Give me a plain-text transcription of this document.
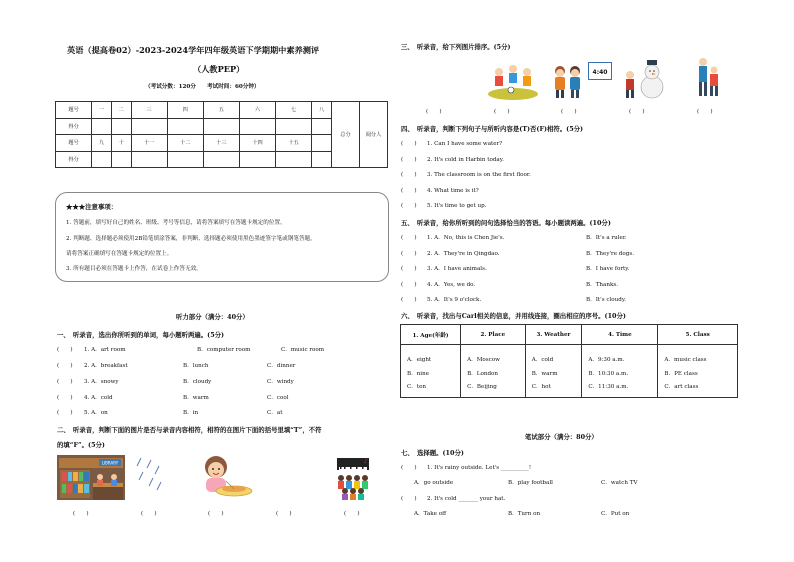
英语（提高卷02）-2023-2024学年四年级英语下学期期中素养测评
（人教PEP）
（考试分数：120分　　考试时间：60分钟）
题号	一	二	三	四	五	六	七	八	总分	阅分人
得分										
题号	九	十	十一	十二	十三	十四	十五			
得分										
★★★注意事项：
1. 答题前，填写好自己的姓名、班级、考号等信息，请将答案填写在答题卡规定的位置。
2. 判断题、选择题必须使用2B铅笔填涂答案，非判断、选择题必须使用黑色墨迹签字笔或钢笔答题，
请将答案正确填写在答题卡规定的位置上。
3. 所有题目必须在答题卡上作答，在试卷上作答无效。
听力部分（满分：40分）
一、　听录音，选出你所听到的单词，每小题听两遍。(5分)
(　　) 1. A．art room	B．computer room	C．music room
(　　) 2. A．breakfast	B．lunch	C．dinner
(　　) 3. A．snowy	B．cloudy	C．windy
(　　) 4. A．cold	B．warm	C．cool
(　　) 5. A．on	B．in	C．at
二、　听录音，判断下面的图片是否与录音内容相符，相符的在图片下面的括号里填“T”，不符
的填“F”。(5分)
LIBRARY	♪
(　　)	(　　)	(　　)	(　　)	(　　)
三、　听录音，给下列图片排序。(5分)
4:40
(　　)	(　　)	(　　)	(　　)	(　　)
四、　听录音，判断下列句子与所听内容是(T)否(F)相符。(5分)
(　　) 1. Can I have some water?
(　　) 2. It's cold in Harbin today.
(　　) 3. The classroom is on the first floor.
(　　) 4. What time is it?
(　　) 5. It's time to get up.
五、　听录音，给你所听到的问句选择恰当的答语。每小题读两遍。(10分)
(　　) 1. A．No, this is Chen Jie's.	B．It's a ruler.
(　　) 2. A．They're in Qingdao.	B．They're dogs.
(　　) 3. A．I have animals.	B．I have forty.
(　　) 4. A．Yes, we do.	B．Thanks.
(　　) 5. A．It's 9 o'clock.	B．It's cloudy.
六、　听录音，找出与Carl相关的信息，并用线连接，圈出相应的序号。(10分)
1. Age(年龄)	2. Place	3. Weather	4. Time	5. Class
A．eight	A．Moscow	A．cold	A．9:30 a.m.	A．music class
B．nine	B．London	B．warm	B．10:30 a.m.	B．PE class
C．ten	C．Beijing	C．hot	C．11:30 a.m.	C．art class
笔试部分（满分：80分）
七、　选择题。(10分)
(　　) 1. It's rainy outside. Let's __________!
A．go outside	B．play football	C．watch TV
(　　) 2. It's cold _______ your hat.
A．Take off	B．Turn on	C．Put on
